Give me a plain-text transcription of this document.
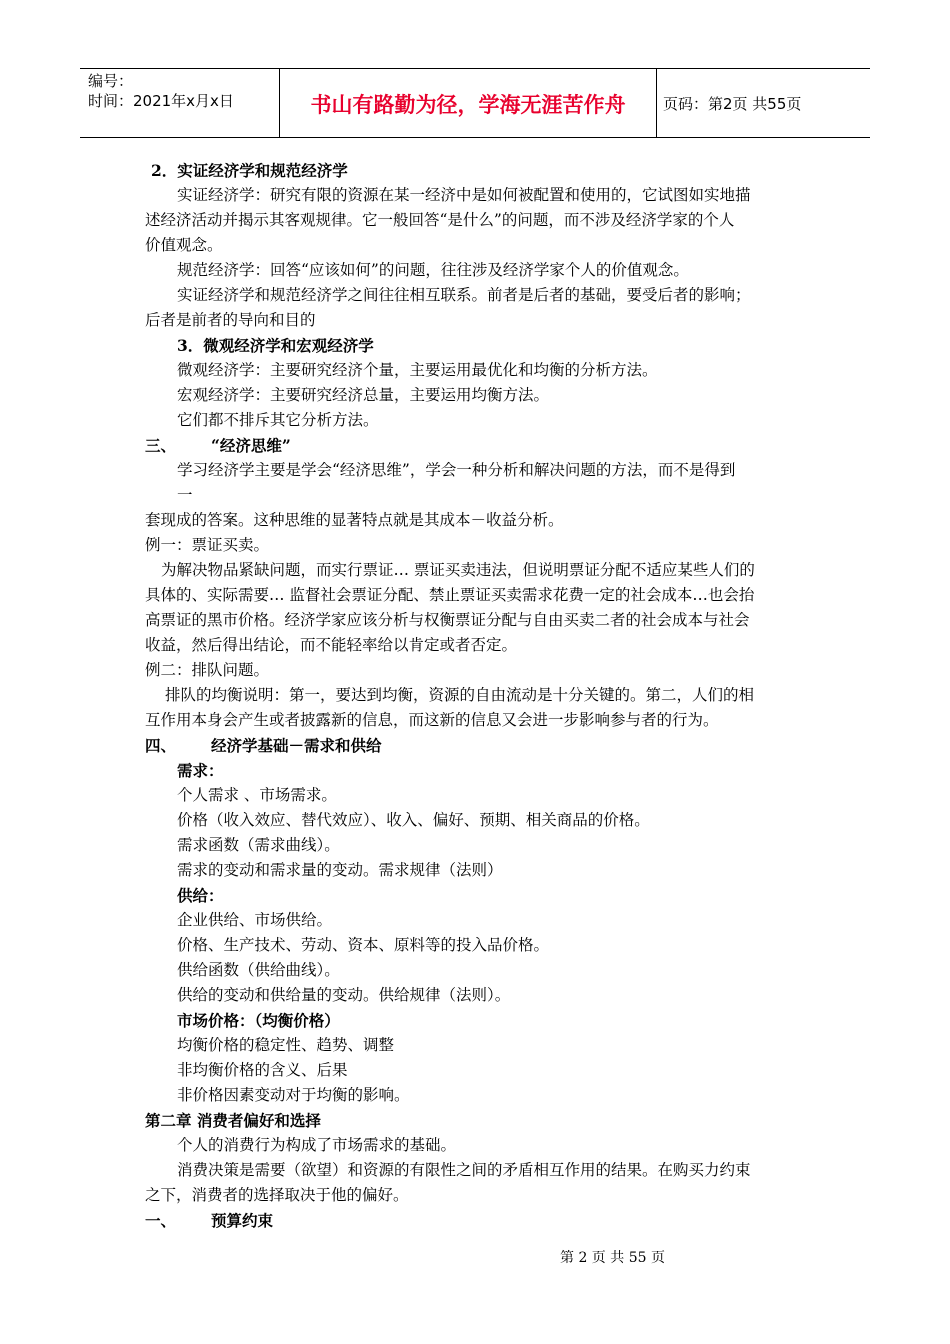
编号：
时间：2021年x月x日	书山有路勤为径，学海无涯苦作舟	页码：第2页 共55页
2．实证经济学和规范经济学
实证经济学：研究有限的资源在某一经济中是如何被配置和使用的，它试图如实地描
述经济活动并揭示其客观规律。它一般回答“是什么”的问题，而不涉及经济学家的个人
价值观念。
规范经济学：回答“应该如何”的问题，往往涉及经济学家个人的价值观念。
实证经济学和规范经济学之间往往相互联系。前者是后者的基础，要受后者的影响；
后者是前者的导向和目的
3．微观经济学和宏观经济学
微观经济学：主要研究经济个量，主要运用最优化和均衡的分析方法。
宏观经济学：主要研究经济总量，主要运用均衡方法。
它们都不排斥其它分析方法。
三、	“经济思维”
学习经济学主要是学会“经济思维”，学会一种分析和解决问题的方法，而不是得到
一
套现成的答案。这种思维的显著特点就是其成本－收益分析。
例一：票证买卖。
为解决物品紧缺问题，而实行票证… 票证买卖违法，但说明票证分配不适应某些人们的
具体的、实际需要… 监督社会票证分配、禁止票证买卖需求花费一定的社会成本…也会抬
高票证的黑市价格。经济学家应该分析与权衡票证分配与自由买卖二者的社会成本与社会
收益，然后得出结论，而不能轻率给以肯定或者否定。
例二：排队问题。
排队的均衡说明：第一，要达到均衡，资源的自由流动是十分关键的。第二，人们的相
互作用本身会产生或者披露新的信息，而这新的信息又会进一步影响参与者的行为。
四、	经济学基础－需求和供给
需求：
个人需求 、市场需求。
价格（收入效应、替代效应）、收入、偏好、预期、相关商品的价格。
需求函数（需求曲线）。
需求的变动和需求量的变动。需求规律（法则）
供给：
企业供给、市场供给。
价格、生产技术、劳动、资本、原料等的投入品价格。
供给函数（供给曲线）。
供给的变动和供给量的变动。供给规律（法则）。
市场价格：（均衡价格）
均衡价格的稳定性、趋势、调整
非均衡价格的含义、后果
非价格因素变动对于均衡的影响。
第二章 消费者偏好和选择
个人的消费行为构成了市场需求的基础。
消费决策是需要（欲望）和资源的有限性之间的矛盾相互作用的结果。在购买力约束
之下，消费者的选择取决于他的偏好。
一、	预算约束
第 2 页 共 55 页
